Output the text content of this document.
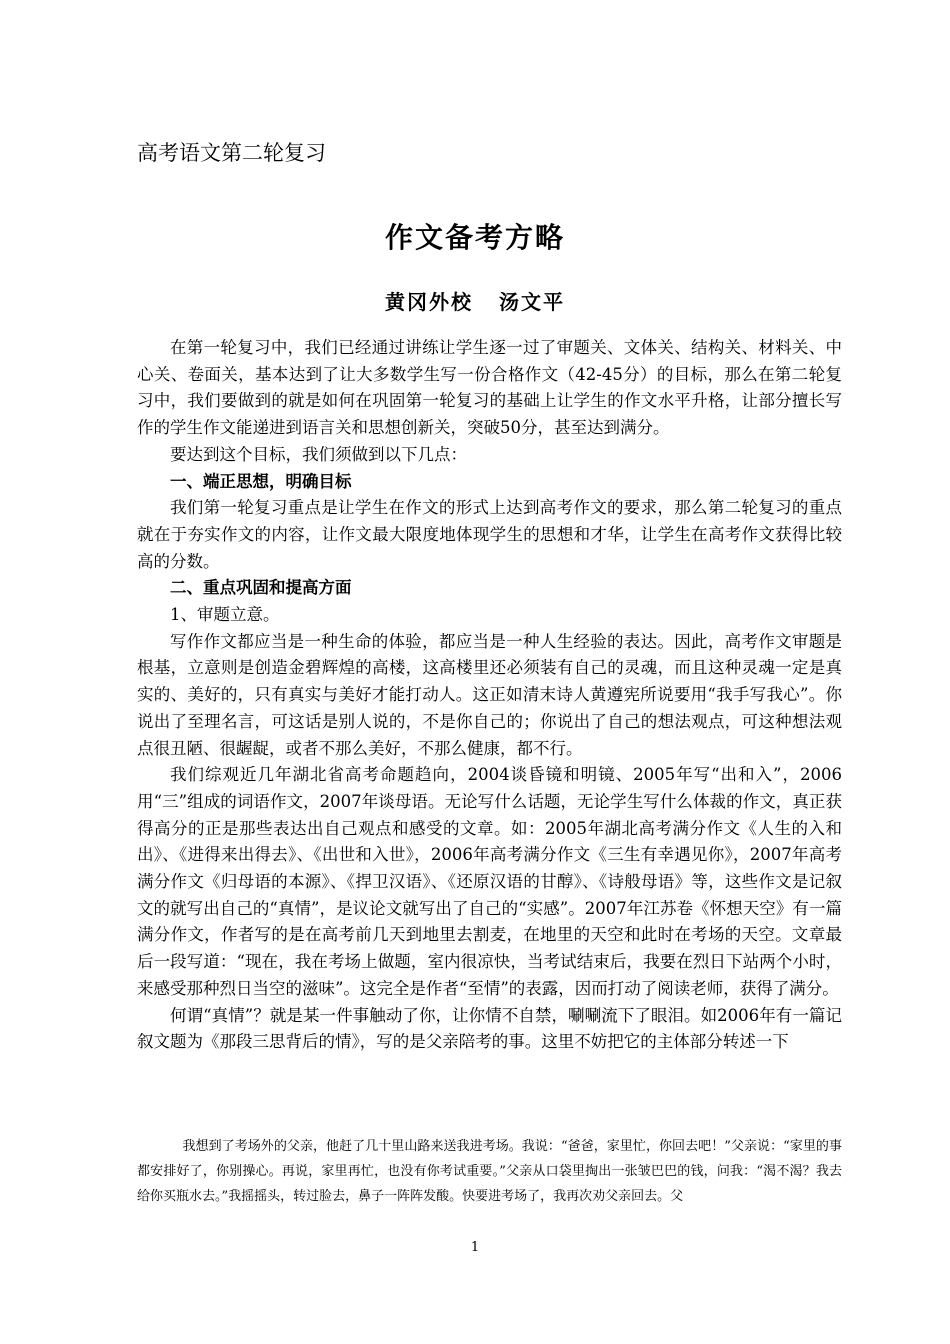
高考语文第二轮复习
作文备考方略
黄冈外校 汤文平

在第一轮复习中，我们已经通过讲练让学生逐一过了审题关、文体关、结构关、材料关、中心关、卷面关，基本达到了让大多数学生写一份合格作文（42-45分）的目标，那么在第二轮复习中，我们要做到的就是如何在巩固第一轮复习的基础上让学生的作文水平升格，让部分擅长写作的学生作文能递进到语言关和思想创新关，突破50分，甚至达到满分。

要达到这个目标，我们须做到以下几点：

一、端正思想，明确目标

我们第一轮复习重点是让学生在作文的形式上达到高考作文的要求，那么第二轮复习的重点就在于夯实作文的内容，让作文最大限度地体现学生的思想和才华，让学生在高考作文获得比较高的分数。

二、重点巩固和提高方面

1、审题立意。

写作作文都应当是一种生命的体验，都应当是一种人生经验的表达。因此，高考作文审题是根基，立意则是创造金碧辉煌的高楼，这高楼里还必须装有自己的灵魂，而且这种灵魂一定是真实的、美好的，只有真实与美好才能打动人。这正如清末诗人黄遵宪所说要用“我手写我心”。你说出了至理名言，可这话是别人说的，不是你自己的；你说出了自己的想法观点，可这种想法观点很丑陋、很龌龊，或者不那么美好，不那么健康，都不行。

我们综观近几年湖北省高考命题趋向，2004谈昏镜和明镜、2005年写“出和入”，2006用“三”组成的词语作文，2007年谈母语。无论写什么话题，无论学生写什么体裁的作文，真正获得高分的正是那些表达出自己观点和感受的文章。如：2005年湖北高考满分作文《人生的入和出》、《进得来出得去》、《出世和入世》，2006年高考满分作文《三生有幸遇见你》，2007年高考满分作文《归母语的本源》、《捍卫汉语》、《还原汉语的甘醇》、《诗般母语》等，这些作文是记叙文的就写出自己的“真情”，是议论文就写出了自己的“实感”。2007年江苏卷《怀想天空》有一篇满分作文，作者写的是在高考前几天到地里去割麦，在地里的天空和此时在考场的天空。文章最后一段写道：“现在，我在考场上做题，室内很凉快，当考试结束后，我要在烈日下站两个小时，来感受那种烈日当空的滋味”。这完全是作者“至情”的表露，因而打动了阅读老师，获得了满分。

何谓“真情”？就是某一件事触动了你，让你情不自禁，唰唰流下了眼泪。如2006年有一篇记叙文题为《那段三思背后的情》，写的是父亲陪考的事。这里不妨把它的主体部分转述一下

我想到了考场外的父亲，他赶了几十里山路来送我进考场。我说：“爸爸，家里忙，你回去吧！”父亲说：“家里的事都安排好了，你别操心。再说，家里再忙，也没有你考试重要。”父亲从口袋里掏出一张皱巴巴的钱，问我：“渴不渴？我去给你买瓶水去。”我摇摇头，转过脸去，鼻子一阵阵发酸。快要进考场了，我再次劝父亲回去。父

1
